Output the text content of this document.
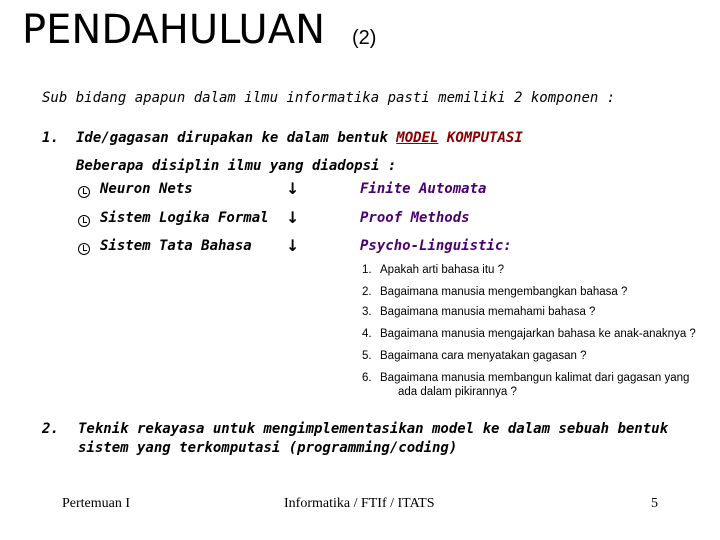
PENDAHULUAN (2)
Sub bidang apapun dalam ilmu informatika pasti memiliki 2 komponen :
1. Ide/gagasan dirupakan ke dalam bentuk MODEL KOMPUTASI
Beberapa disiplin ilmu yang diadopsi :
Neuron Nets	↓	Finite Automata
Sistem Logika Formal ↓	Proof Methods
Sistem Tata Bahasa ↓	Psycho-Linguistic:
1. Apakah arti bahasa itu ?
2. Bagaimana manusia mengembangkan bahasa ?
3. Bagaimana manusia memahami bahasa ?
4. Bagaimana manusia mengajarkan bahasa ke anak-anaknya ?
5. Bagaimana cara menyatakan gagasan ?
6. Bagaimana manusia membangun kalimat dari gagasan yang
ada dalam pikirannya ?
2. Teknik rekayasa untuk mengimplementasikan model ke dalam sebuah bentuk
sistem yang terkomputasi (programming/coding)
Pertemuan I	Informatika / FTIf / ITATS	5
